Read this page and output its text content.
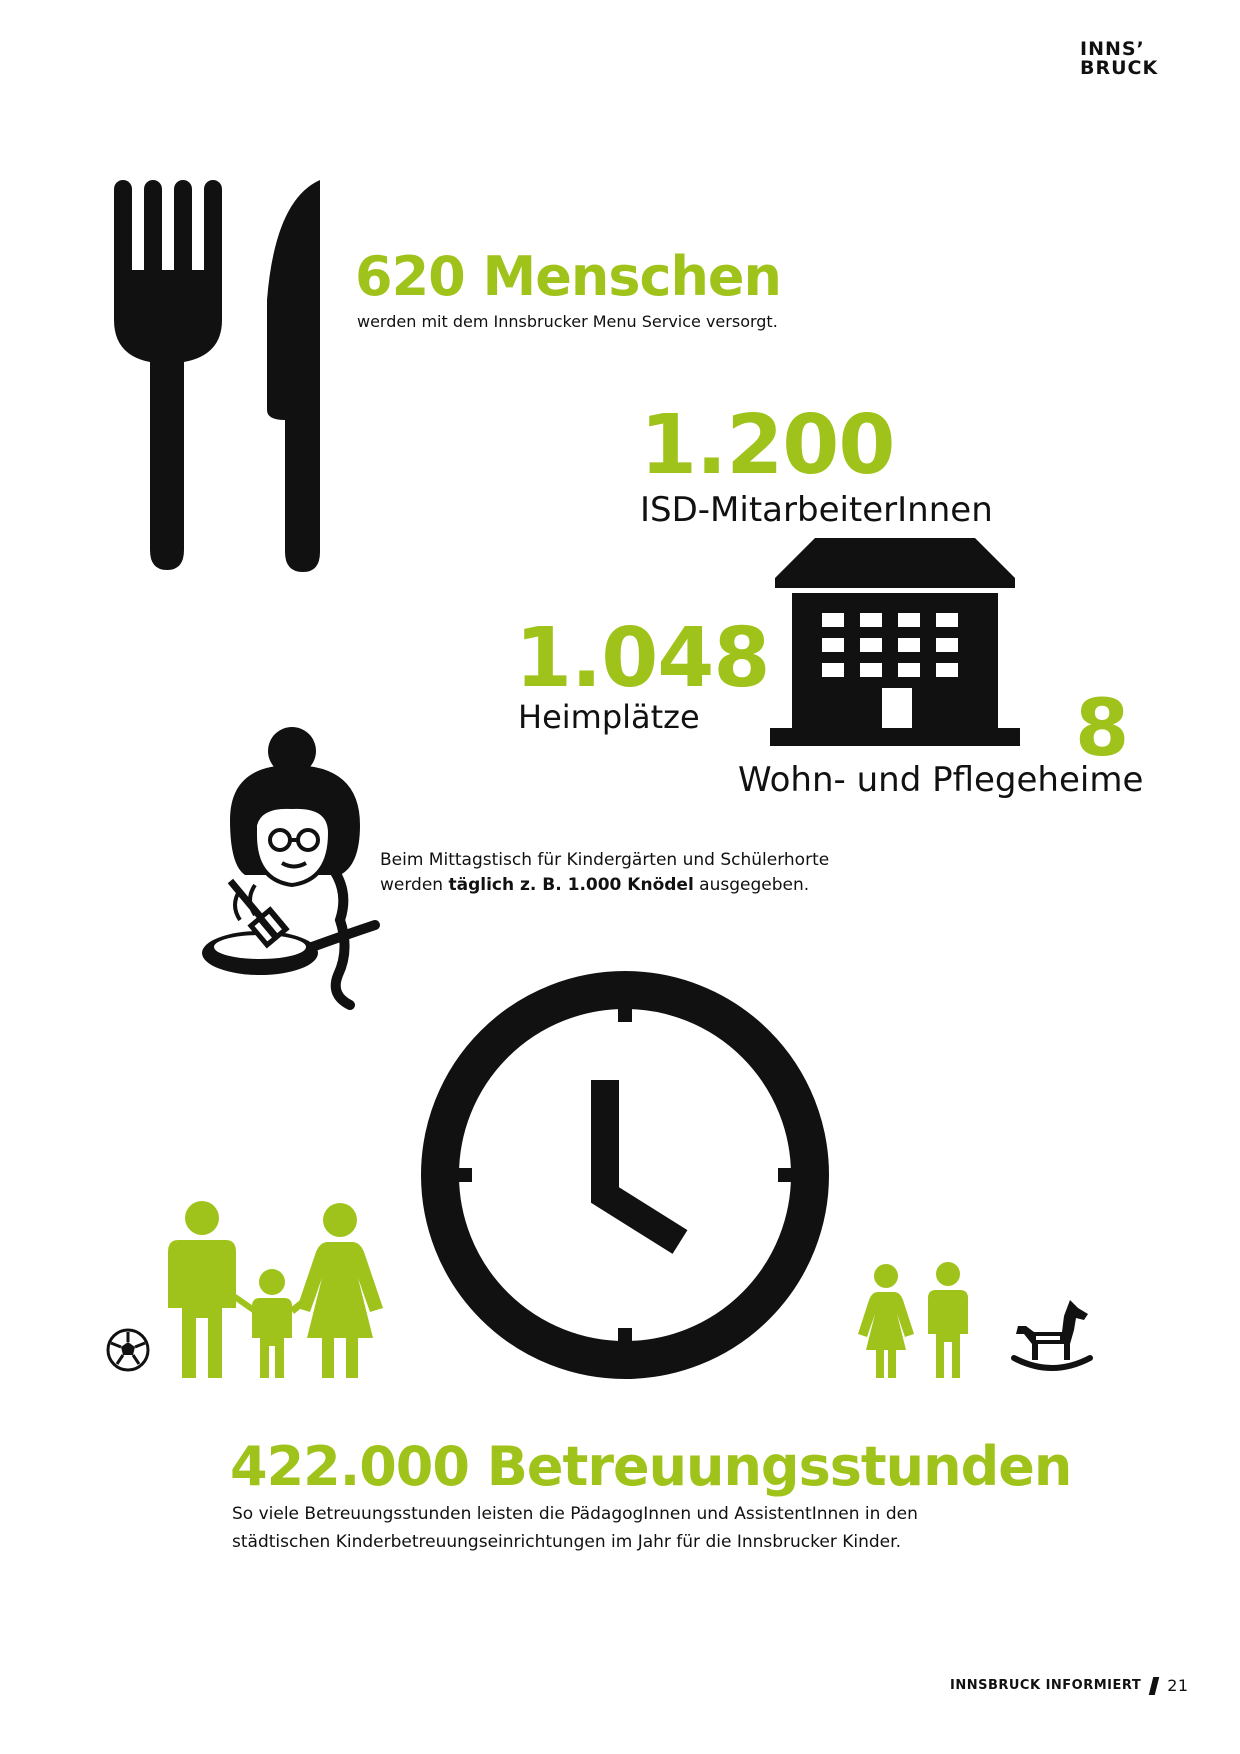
INNS’
BRUCK
620 Menschen
werden mit dem Innsbrucker Menu Service versorgt.
1.200
ISD-MitarbeiterInnen
1.048
Heimplätze	8
Wohn- und Pflegeheime
Beim Mittagstisch für Kindergärten und Schülerhorte
werden täglich z. B. 1.000 Knödel ausgegeben.
422.000 Betreuungsstunden
So viele Betreuungsstunden leisten die PädagogInnen und AssistentInnen in den
städtischen Kinderbetreuungseinrichtungen im Jahr für die Innsbrucker Kinder.
INNSBRUCK INFORMIERT 21
